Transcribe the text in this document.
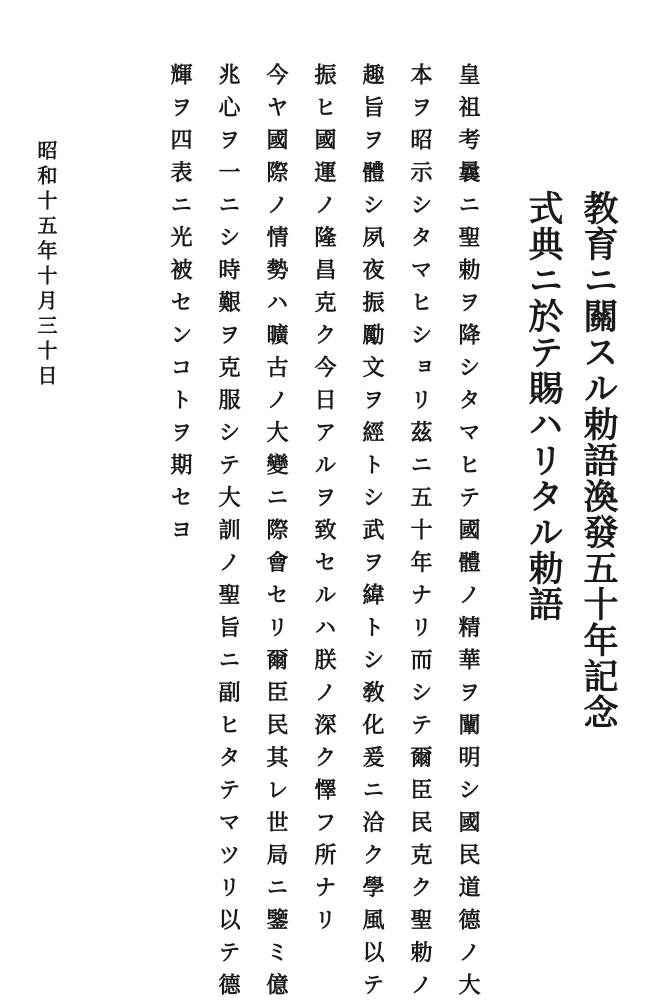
教育ニ關スル勅語渙發五十年記念

式典ニ於テ賜ハリタル勅語

皇祖考曩ニ聖勅ヲ降シタマヒテ國體ノ精華ヲ闡明シ國民道德ノ大

本ヲ昭示シタマヒショリ茲ニ五十年ナリ而シテ爾臣民克ク聖勅ノ

趣旨ヲ體シ夙夜振勵文ヲ經トシ武ヲ緯トシ敎化爰ニ洽ク學風以テ

振ヒ國運ノ隆昌克ク今日アルヲ致セルハ朕ノ深ク懌フ所ナリ

今ヤ國際ノ情勢ハ曠古ノ大變ニ際會セリ爾臣民其レ世局ニ鑒ミ億

兆心ヲ一ニシ時艱ヲ克服シテ大訓ノ聖旨ニ副ヒタテマツリ以テ德

輝ヲ四表ニ光被センコトヲ期セヨ

昭和十五年十月三十日
